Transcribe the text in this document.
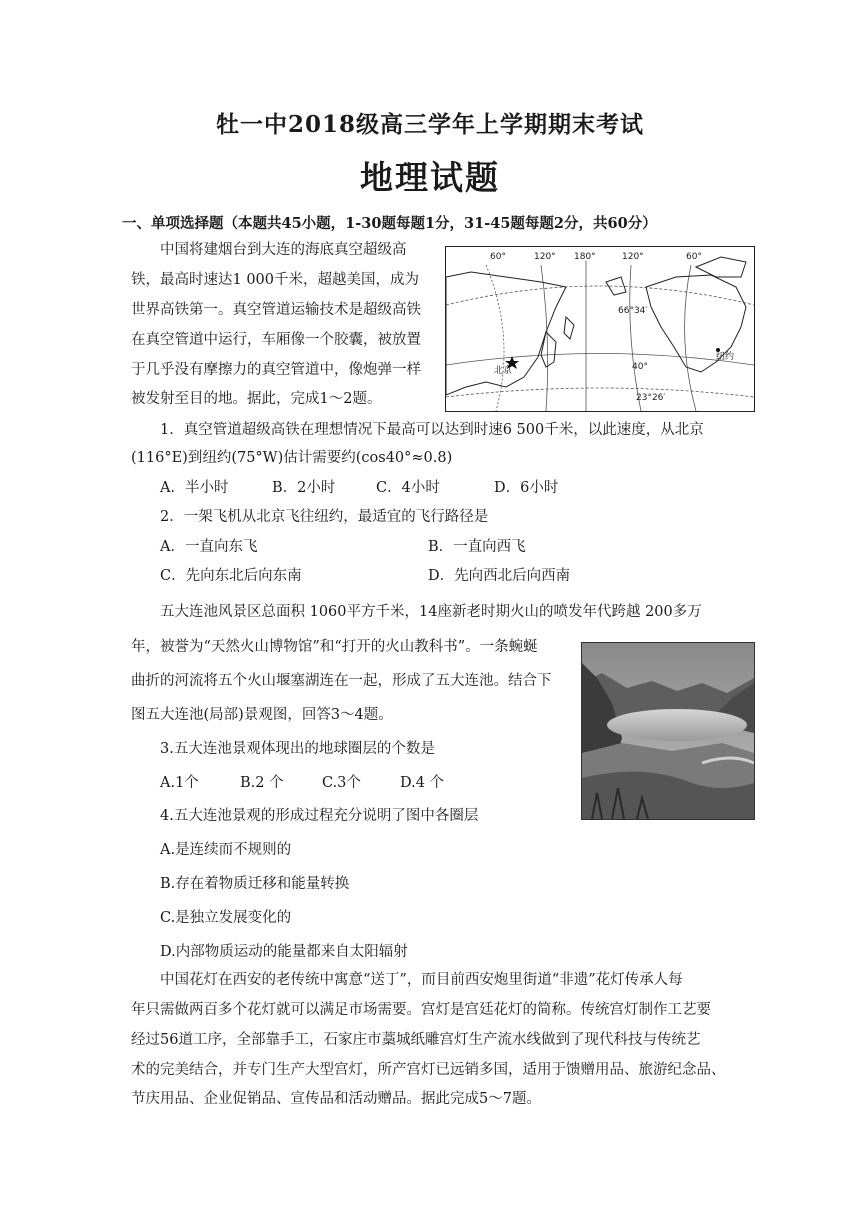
牡一中2018级高三学年上学期期末考试
地理试题
一、单项选择题（本题共45小题，1-30题每题1分，31-45题每题2分，共60分）
中国将建烟台到大连的海底真空超级高
铁，最高时速达1 000千米，超越美国，成为
世界高铁第一。真空管道运输技术是超级高铁
在真空管道中运行，车厢像一个胶囊，被放置
于几乎没有摩擦力的真空管道中，像炮弹一样
被发射至目的地。据此，完成1～2题。
60°	120° 180°	120°	60°
66°34′
40°
23°26′
北京
纽约
1．真空管道超级高铁在理想情况下最高可以达到时速6 500千米，以此速度，从北京
(116°E)到纽约(75°W)估计需要约(cos40°≈0.8)
A．半小时	B．2小时	C．4小时	D．6小时
2．一架飞机从北京飞往纽约，最适宜的飞行路径是
A．一直向东飞	B．一直向西飞
C．先向东北后向东南	D．先向西北后向西南
五大连池风景区总面积 1060平方千米，14座新老时期火山的喷发年代跨越 200多万
年，被誉为“天然火山博物馆”和“打开的火山教科书”。一条蜿蜒
曲折的河流将五个火山堰塞湖连在一起，形成了五大连池。结合下
图五大连池(局部)景观图，回答3～4题。
3.五大连池景观体现出的地球圈层的个数是
A.1个	B.2 个	C.3个	D.4 个
4.五大连池景观的形成过程充分说明了图中各圈层
A.是连续而不规则的
B.存在着物质迁移和能量转换
C.是独立发展变化的
D.内部物质运动的能量都来自太阳辐射
中国花灯在西安的老传统中寓意“送丁”，而目前西安炮里街道“非遗”花灯传承人每
年只需做两百多个花灯就可以满足市场需要。宫灯是宫廷花灯的简称。传统宫灯制作工艺要
经过56道工序，全部靠手工，石家庄市藁城纸雕宫灯生产流水线做到了现代科技与传统艺
术的完美结合，并专门生产大型宫灯，所产宫灯已远销多国，适用于馈赠用品、旅游纪念品、
节庆用品、企业促销品、宣传品和活动赠品。据此完成5～7题。
